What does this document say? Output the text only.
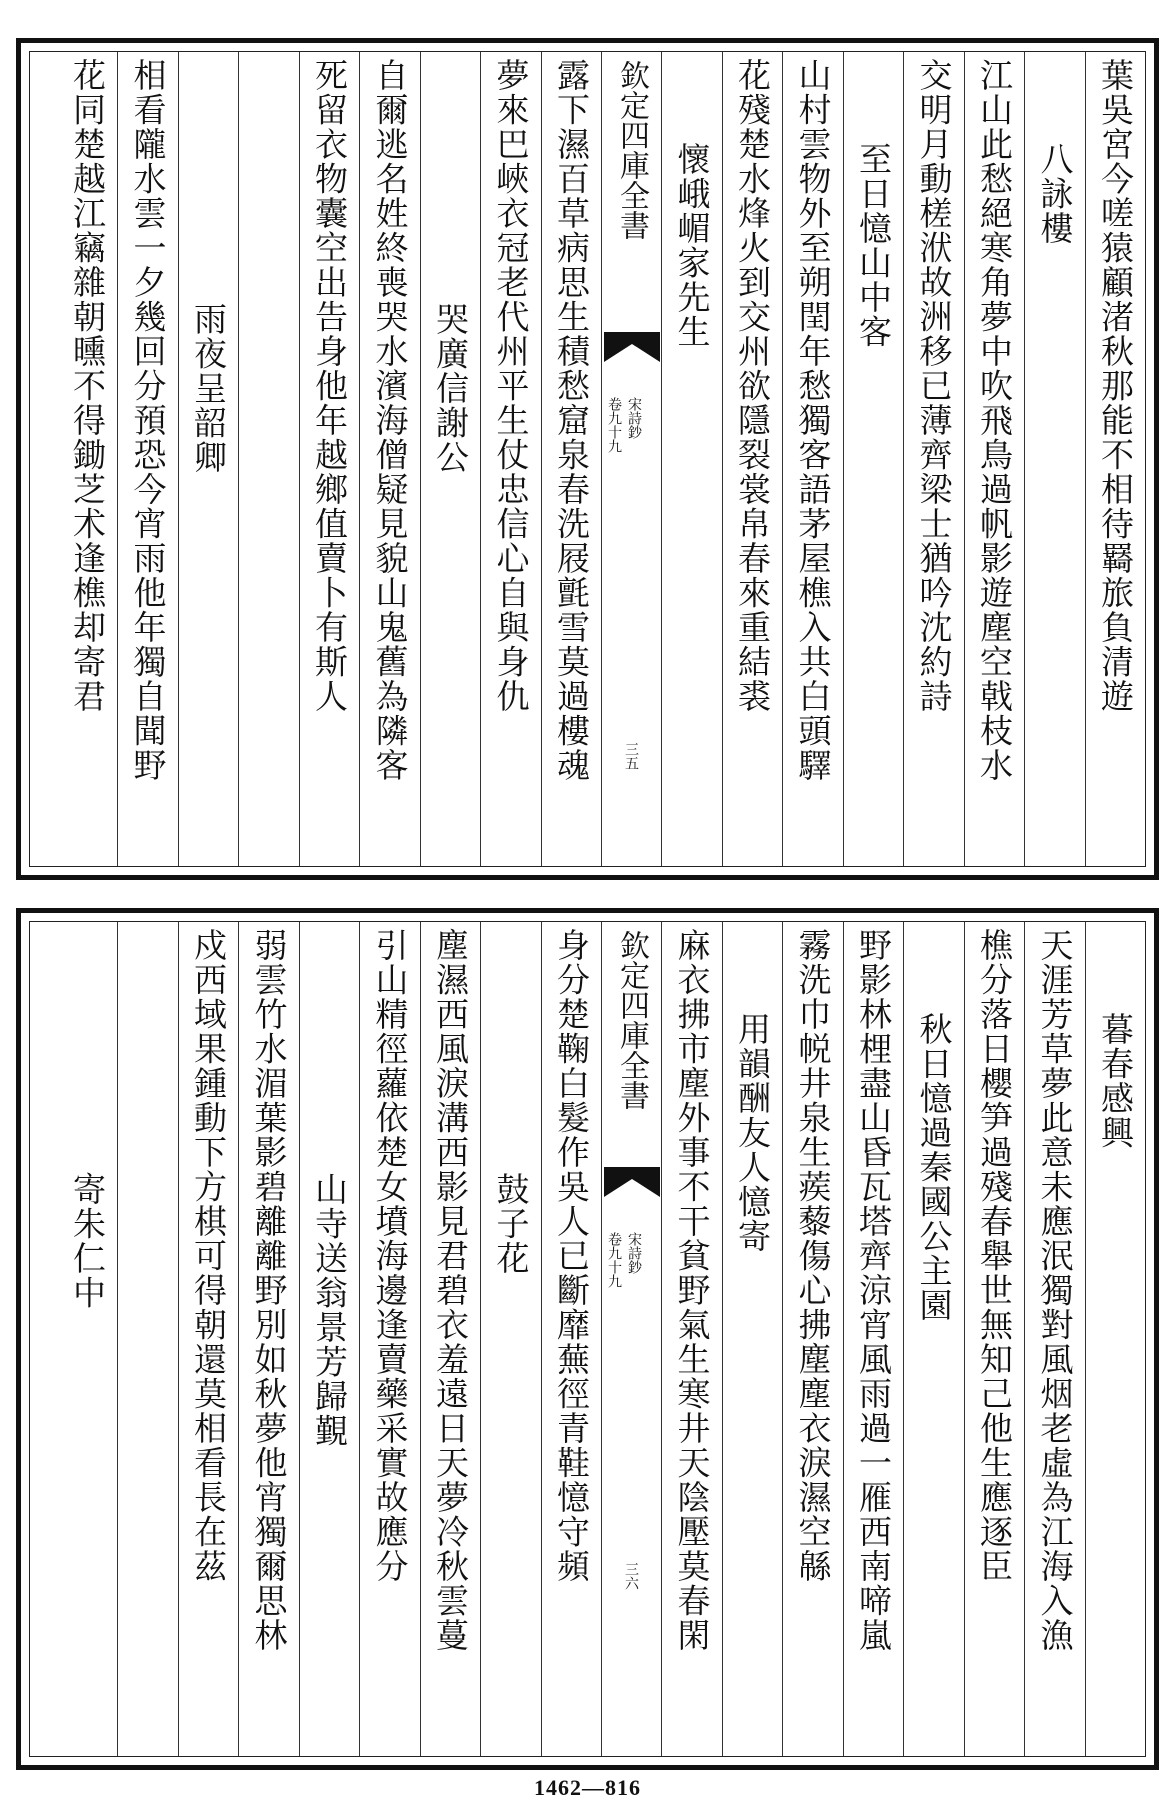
葉吳宮今嗟猿顧渚秋那能不相待羇旅負清遊
八詠樓
江山此愁絕寒角夢中吹飛鳥過帆影遊塵空戟枝水
交明月動槎洑故洲移已薄齊梁士猶吟沈約詩
至日憶山中客
山村雲物外至朔閏年愁獨客語茅屋樵入共白頭驛
花殘楚水烽火到交州欲隱裂裳帛春來重結裘
懷峨嵋家先生
欽定四庫全書
宋詩鈔
卷九十九
三五
露下濕百草病思生積愁窟泉春洗屐氈雪莫過樓魂
夢來巴峽衣冠老代州平生仗忠信心自與身仇
哭廣信謝公
自爾逃名姓終喪哭水濱海僧疑見貌山鬼舊為隣客
死留衣物囊空出告身他年越鄉值賣卜有斯人
雨夜呈韶卿
相看隴水雲一夕幾回分預恐今宵雨他年獨自聞野
花同楚越江竊雜朝曛不得鋤芝术逢樵却寄君
暮春感興
天涯芳草夢此意未應泯獨對風烟老虛為江海入漁
樵分落日櫻笋過殘春舉世無知己他生應逐臣
秋日憶過秦國公主園
野影林梩盡山昏瓦塔齊涼宵風雨過一雁西南啼嵐
霧洗巾帨井泉生蒺藜傷心拂塵塵衣淚濕空緜
用韻酬友人憶寄
麻衣拂市塵外事不干貧野氣生寒井天陰壓莫春閑
欽定四庫全書
宋詩鈔
卷九十九
三六
身分楚鞠白髮作吳人已斷靡蕪徑青鞋憶守頻
鼓子花
塵濕西風淚溝西影見君碧衣羞遠日天夢冷秋雲蔓
引山精徑蘿依楚女墳海邊逢賣藥采實故應分
山寺送翁景芳歸覲
弱雲竹水湄葉影碧離離野別如秋夢他宵獨爾思林
戍西域果鍾動下方棋可得朝還莫相看長在茲
寄朱仁中
1462—816
